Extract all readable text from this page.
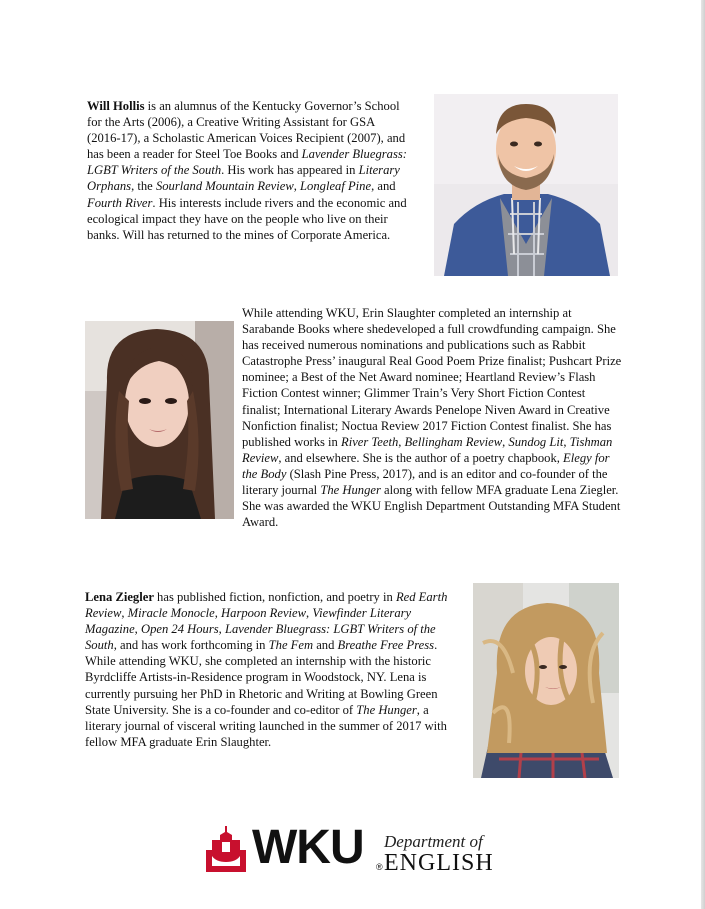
Will Hollis is an alumnus of the Kentucky Governor’s School for the Arts (2006), a Creative Writing Assistant for GSA (2016-17), a Scholastic American Voices Recipient (2007), and has been a reader for Steel Toe Books and Lavender Bluegrass: LGBT Writers of the South. His work has appeared in Literary Orphans, the Sourland Mountain Review, Longleaf Pine, and Fourth River. His interests include rivers and the economic and ecological impact they have on the people who live on their banks. Will has returned to the mines of Corporate America.

While attending WKU, Erin Slaughter completed an internship at Sarabande Books where shedeveloped a full crowdfunding campaign. She has received numerous nominations and publications such as Rabbit Catastrophe Press’ inaugural Real Good Poem Prize finalist; Pushcart Prize nominee; a Best of the Net Award nominee; Heartland Review’s Flash Fiction Contest winner; Glimmer Train’s Very Short Fiction Contest finalist; International Literary Awards Penelope Niven Award in Creative Nonfiction finalist; Noctua Review 2017 Fiction Contest finalist. She has published works in River Teeth, Bellingham Review, Sundog Lit, Tishman Review, and elsewhere. She is the author of a poetry chapbook, Elegy for the Body (Slash Pine Press, 2017), and is an editor and co-founder of the literary journal The Hunger along with fellow MFA graduate Lena Ziegler. She was awarded the WKU English Department Outstanding MFA Student Award.

Lena Ziegler has published fiction, nonfiction, and poetry in Red Earth Review, Miracle Monocle, Harpoon Review, Viewfinder Literary Magazine, Open 24 Hours, Lavender Bluegrass: LGBT Writers of the South, and has work forthcoming in The Fem and Breathe Free Press. While attending WKU, she completed an internship with the historic Byrdcliffe Artists-in-Residence program in Woodstock, NY. Lena is currently pursuing her PhD in Rhetoric and Writing at Bowling Green State University. She is a co-founder and co-editor of The Hunger, a literary journal of visceral writing launched in the summer of 2017 with fellow MFA graduate Erin Slaughter.

WKU ®
Department of
ENGLISH
